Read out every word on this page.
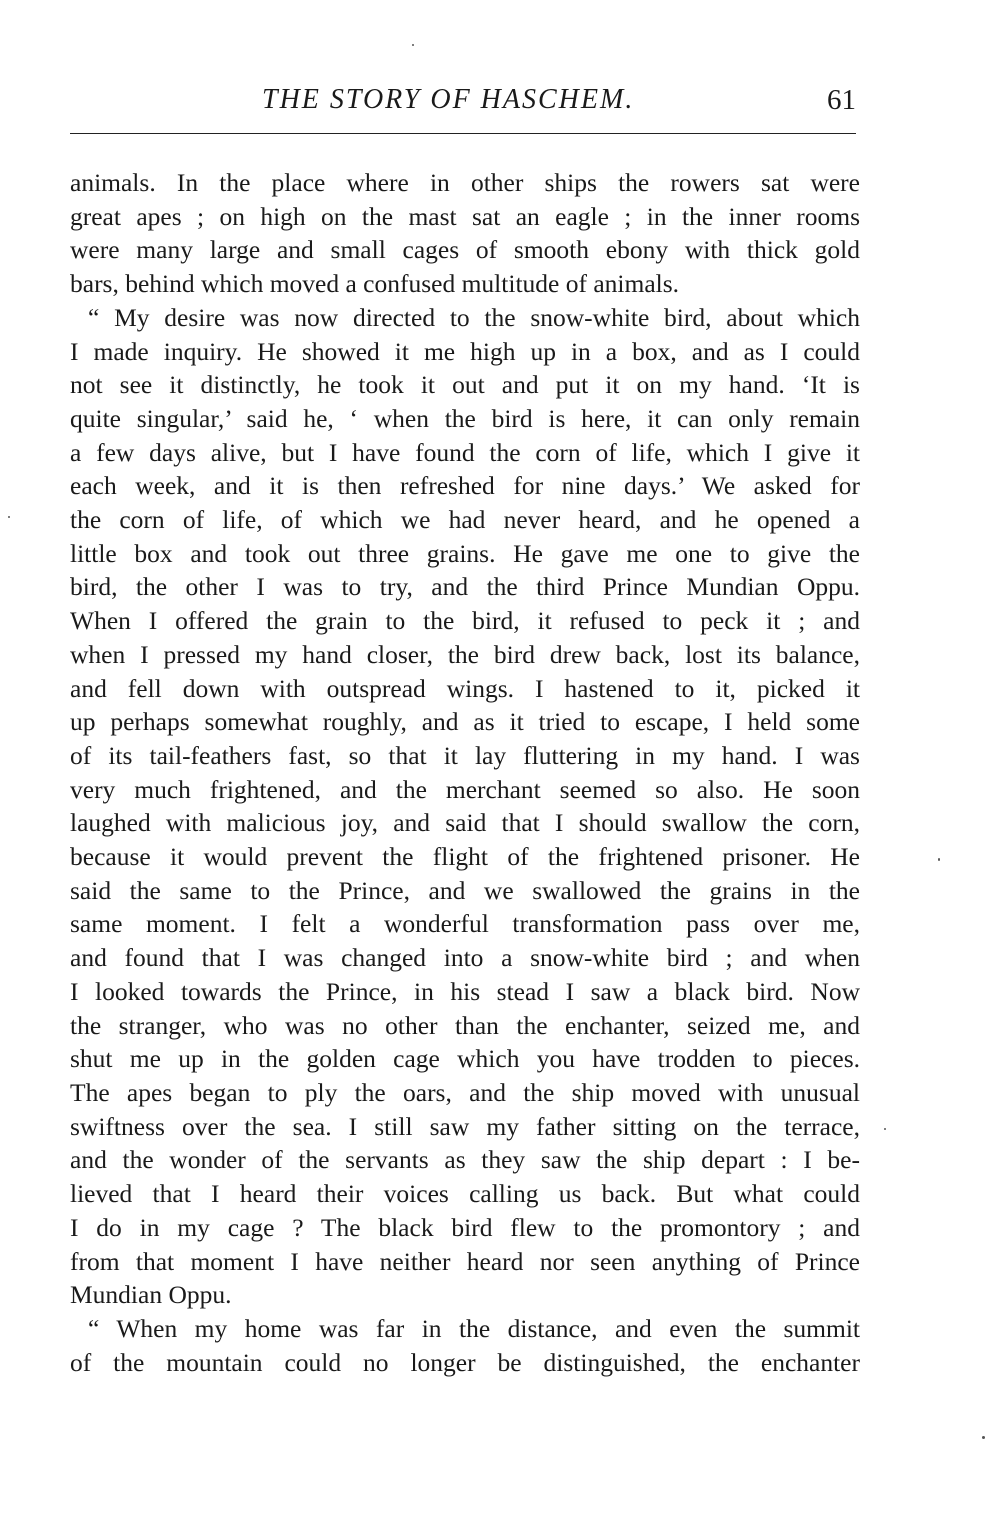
THE STORY OF HASCHEM.	61
animals. In the place where in other ships the rowers sat were
great apes ; on high on the mast sat an eagle ; in the inner rooms
were many large and small cages of smooth ebony with thick gold
bars, behind which moved a confused multitude of animals.
“ My desire was now directed to the snow-white bird, about which
I made inquiry. He showed it me high up in a box, and as I could
not see it distinctly, he took it out and put it on my hand. ‘It is
quite singular,’ said he, ‘ when the bird is here, it can only remain
a few days alive, but I have found the corn of life, which I give it
each week, and it is then refreshed for nine days.’ We asked for
the corn of life, of which we had never heard, and he opened a
little box and took out three grains. He gave me one to give the
bird, the other I was to try, and the third Prince Mundian Oppu.
When I offered the grain to the bird, it refused to peck it ; and
when I pressed my hand closer, the bird drew back, lost its balance,
and fell down with outspread wings. I hastened to it, picked it
up perhaps somewhat roughly, and as it tried to escape, I held some
of its tail-feathers fast, so that it lay fluttering in my hand. I was
very much frightened, and the merchant seemed so also. He soon
laughed with malicious joy, and said that I should swallow the corn,
because it would prevent the flight of the frightened prisoner. He
said the same to the Prince, and we swallowed the grains in the
same moment. I felt a wonderful transformation pass over me,
and found that I was changed into a snow-white bird ; and when
I looked towards the Prince, in his stead I saw a black bird. Now
the stranger, who was no other than the enchanter, seized me, and
shut me up in the golden cage which you have trodden to pieces.
The apes began to ply the oars, and the ship moved with unusual
swiftness over the sea. I still saw my father sitting on the terrace,
and the wonder of the servants as they saw the ship depart : I be-
lieved that I heard their voices calling us back. But what could
I do in my cage ? The black bird flew to the promontory ; and
from that moment I have neither heard nor seen anything of Prince
Mundian Oppu.
“ When my home was far in the distance, and even the summit
of the mountain could no longer be distinguished, the enchanter
